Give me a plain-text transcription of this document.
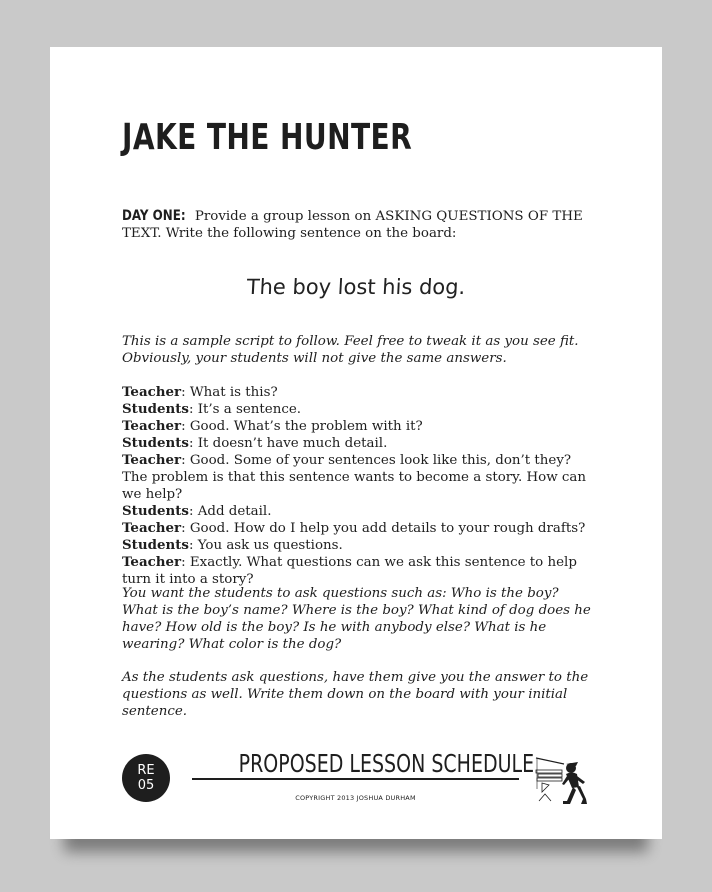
JAKE THE HUNTER

DAY ONE: Provide a group lesson on ASKING QUESTIONS OF THE TEXT. Write the following sentence on the board:

The boy lost his dog.

This is a sample script to follow. Feel free to tweak it as you see fit. Obviously, your students will not give the same answers.

Teacher: What is this?
Students: It’s a sentence.
Teacher: Good. What’s the problem with it?
Students: It doesn’t have much detail.
Teacher: Good. Some of your sentences look like this, don’t they? The problem is that this sentence wants to become a story. How can we help?
Students: Add detail.
Teacher: Good. How do I help you add details to your rough drafts?
Students: You ask us questions.
Teacher: Exactly. What questions can we ask this sentence to help turn it into a story?

You want the students to ask questions such as: Who is the boy? What is the boy’s name? Where is the boy? What kind of dog does he have? How old is the boy? Is he with anybody else? What is he wearing? What color is the dog?

As the students ask questions, have them give you the answer to the questions as well. Write them down on the board with your initial sentence.

RE
05
PROPOSED LESSON SCHEDULE
COPYRIGHT 2013 JOSHUA DURHAM
